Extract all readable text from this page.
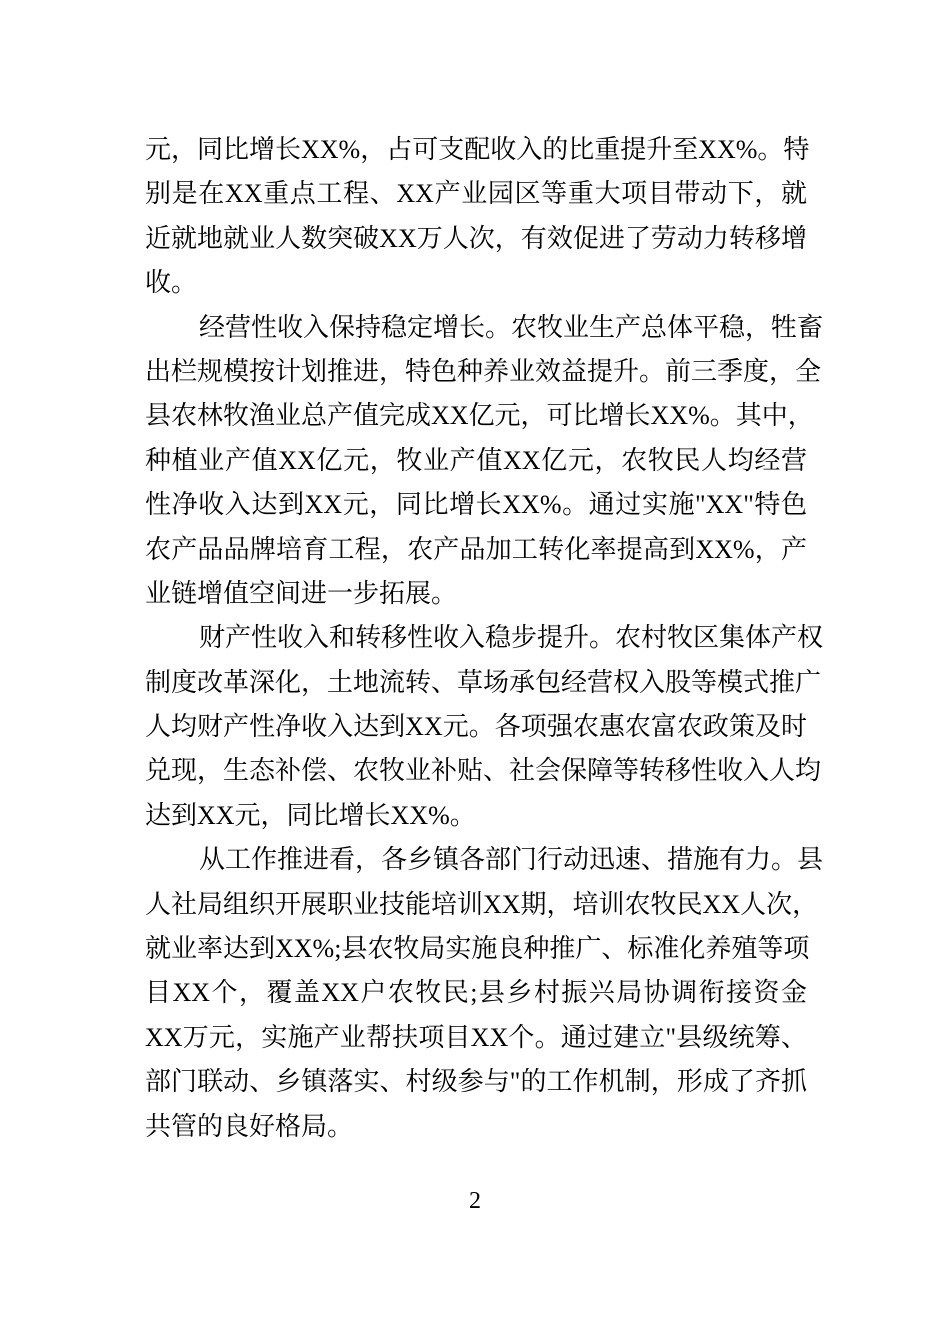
元，同比增长XX%，占可支配收入的比重提升至XX%。特
别是在XX重点工程、XX产业园区等重大项目带动下，就
近就地就业人数突破XX万人次，有效促进了劳动力转移增
收。
经营性收入保持稳定增长。农牧业生产总体平稳，牲畜
出栏规模按计划推进，特色种养业效益提升。前三季度，全
县农林牧渔业总产值完成XX亿元，可比增长XX%。其中，
种植业产值XX亿元，牧业产值XX亿元，农牧民人均经营
性净收入达到XX元，同比增长XX%。通过实施"XX"特色
农产品品牌培育工程，农产品加工转化率提高到XX%，产
业链增值空间进一步拓展。
财产性收入和转移性收入稳步提升。农村牧区集体产权
制度改革深化，土地流转、草场承包经营权入股等模式推广
人均财产性净收入达到XX元。各项强农惠农富农政策及时
兑现，生态补偿、农牧业补贴、社会保障等转移性收入人均
达到XX元，同比增长XX%。
从工作推进看，各乡镇各部门行动迅速、措施有力。县
人社局组织开展职业技能培训XX期，培训农牧民XX人次，
就业率达到XX%;县农牧局实施良种推广、标准化养殖等项
目XX个，覆盖XX户农牧民;县乡村振兴局协调衔接资金
XX万元，实施产业帮扶项目XX个。通过建立"县级统筹、
部门联动、乡镇落实、村级参与"的工作机制，形成了齐抓
共管的良好格局。
2
